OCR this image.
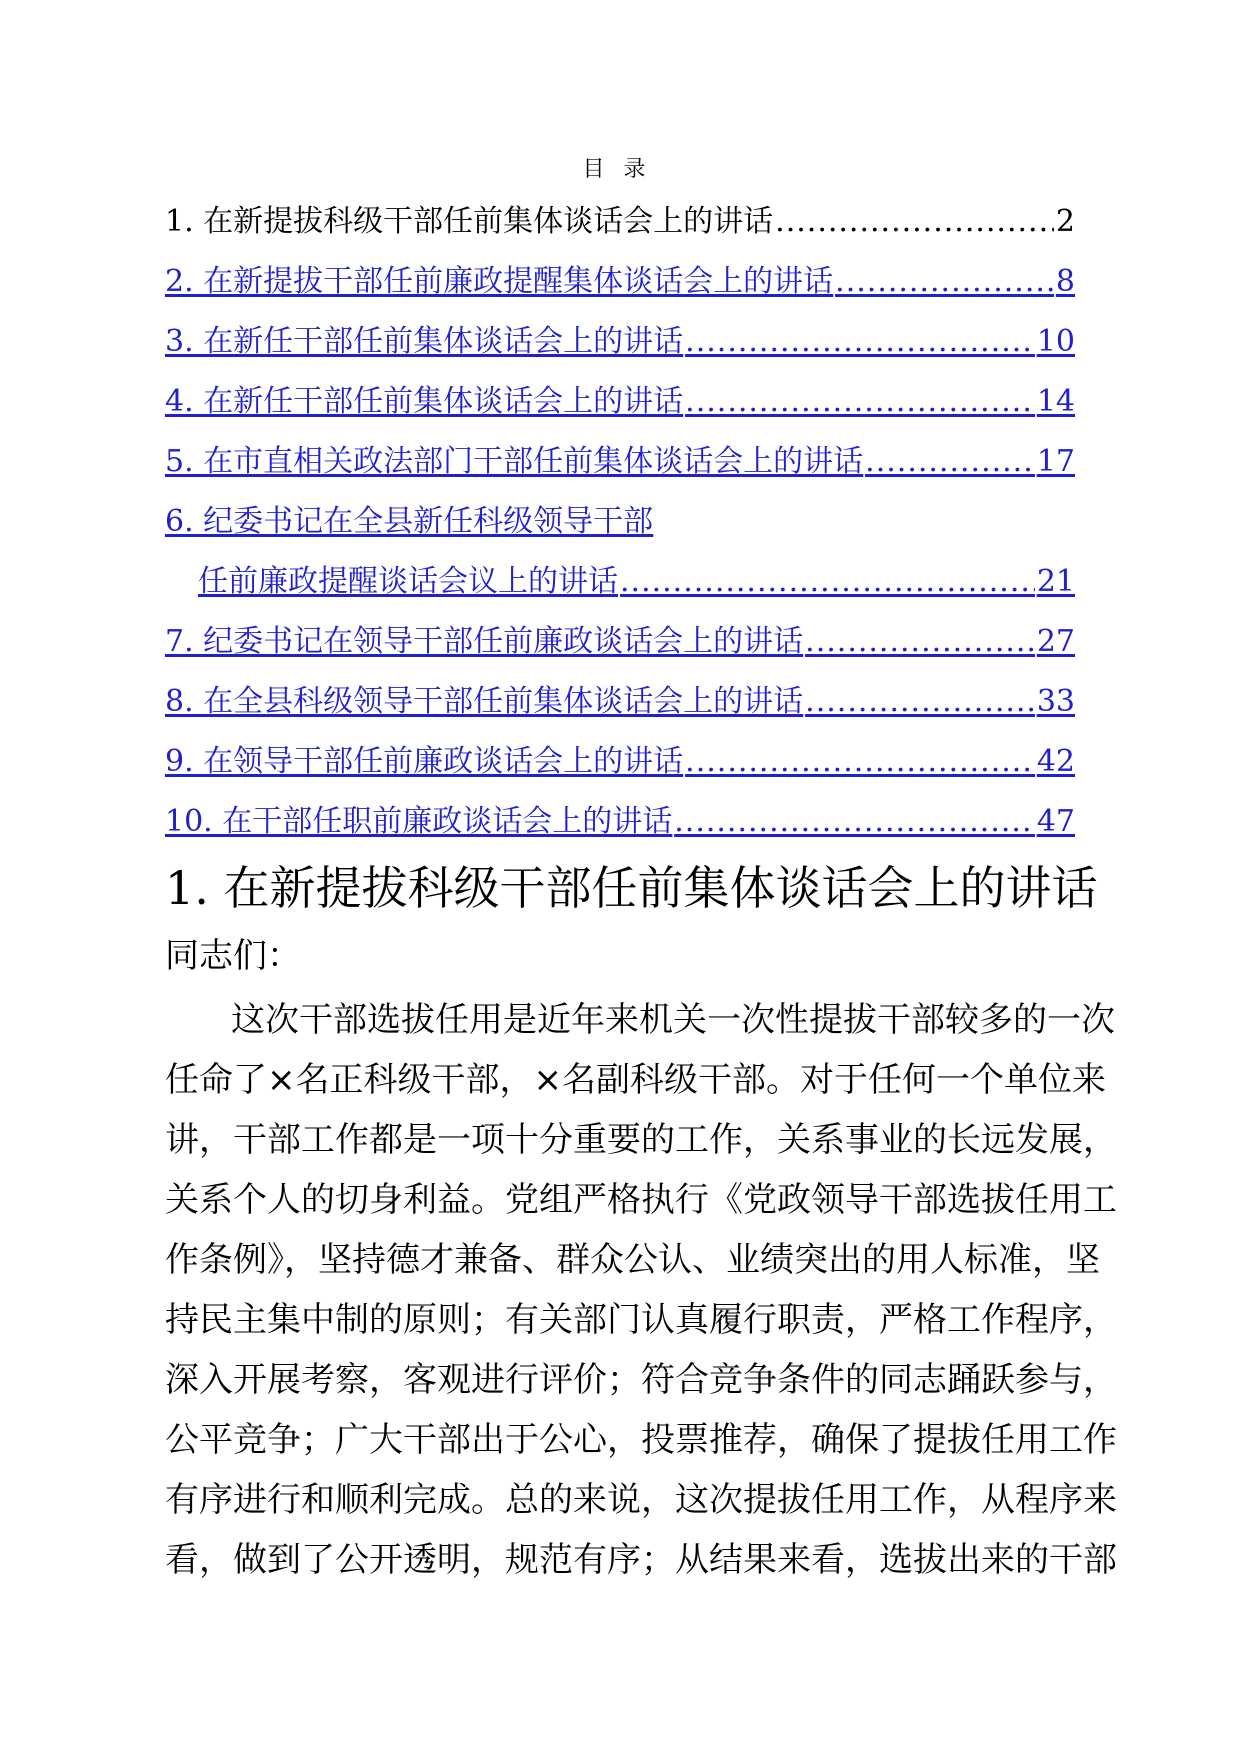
目 录
1. 在新提拔科级干部任前集体谈话会上的讲话 .....	2
2. 在新提拔干部任前廉政提醒集体谈话会上的讲话 .....	8
3. 在新任干部任前集体谈话会上的讲话 .....	10
4. 在新任干部任前集体谈话会上的讲话 .....	14
5. 在市直相关政法部门干部任前集体谈话会上的讲话 .....	17
6. 纪委书记在全县新任科级领导干部
任前廉政提醒谈话会议上的讲话 .....	21
7. 纪委书记在领导干部任前廉政谈话会上的讲话 .....	27
8. 在全县科级领导干部任前集体谈话会上的讲话 .....	33
9. 在领导干部任前廉政谈话会上的讲话 .....	42
10. 在干部任职前廉政谈话会上的讲话 .....	47
1. 在新提拔科级干部任前集体谈话会上的讲话
同志们：
这次干部选拔任用是近年来机关一次性提拔干部较多的一次
任命了×名正科级干部，×名副科级干部。对于任何一个单位来
讲，干部工作都是一项十分重要的工作，关系事业的长远发展，
关系个人的切身利益。党组严格执行《党政领导干部选拔任用工
作条例》，坚持德才兼备、群众公认、业绩突出的用人标准，坚
持民主集中制的原则；有关部门认真履行职责，严格工作程序，
深入开展考察，客观进行评价；符合竞争条件的同志踊跃参与，
公平竞争；广大干部出于公心，投票推荐，确保了提拔任用工作
有序进行和顺利完成。总的来说，这次提拔任用工作，从程序来
看，做到了公开透明，规范有序；从结果来看，选拔出来的干部
